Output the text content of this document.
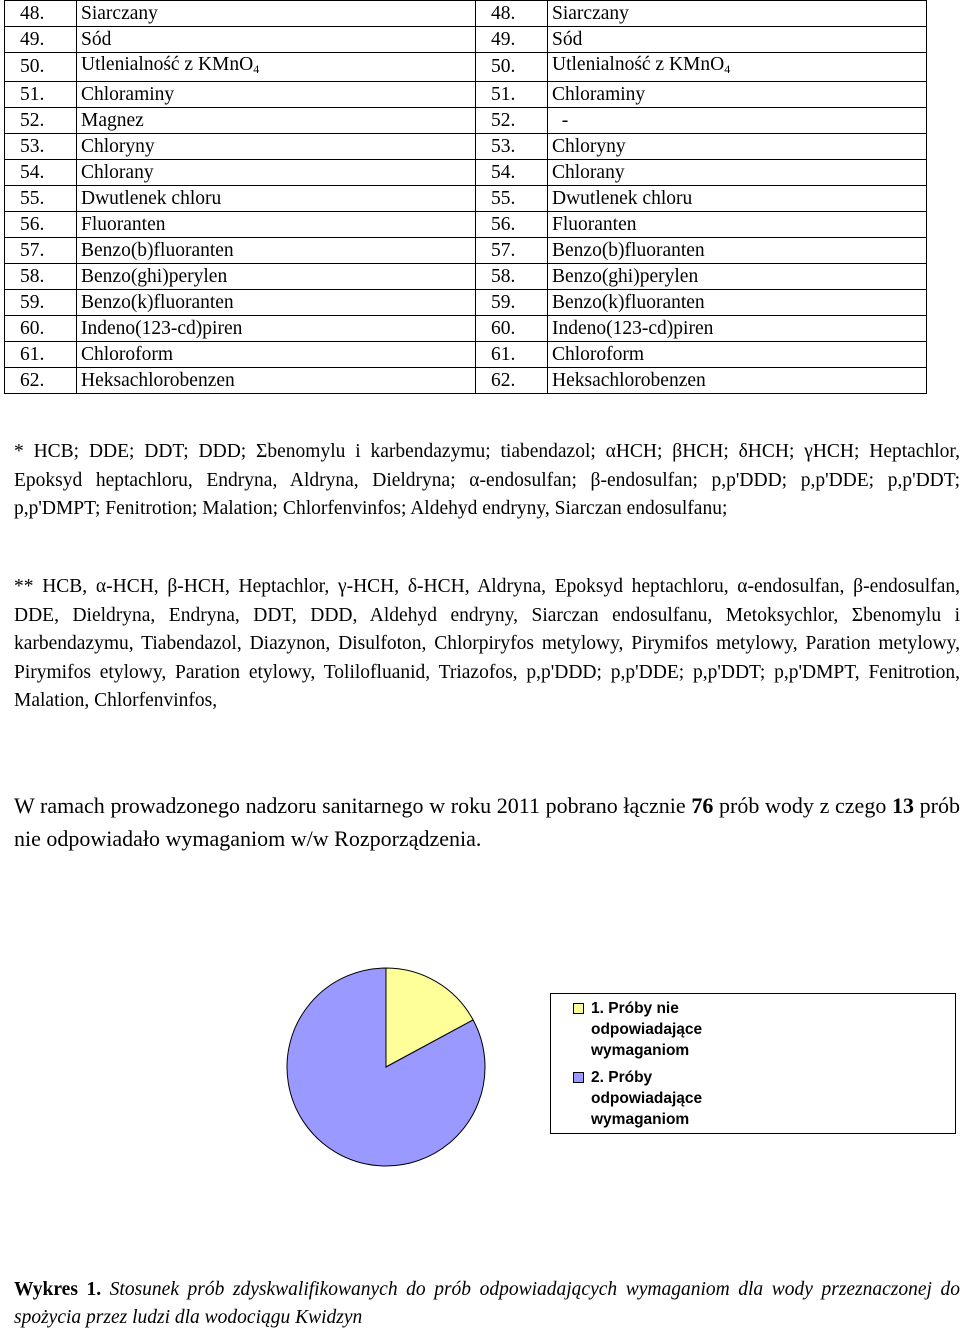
48.	Siarczany	48.	Siarczany
49.	Sód	49.	Sód
50.	Utlenialność z KMnO$_4$	50.	Utlenialność z KMnO$_4$
51.	Chloraminy	51.	Chloraminy
52.	Magnez	52.	-
53.	Chloryny	53.	Chloryny
54.	Chlorany	54.	Chlorany
55.	Dwutlenek chloru	55.	Dwutlenek chloru
56.	Fluoranten	56.	Fluoranten
57.	Benzo(b)fluoranten	57.	Benzo(b)fluoranten
58.	Benzo(ghi)perylen	58.	Benzo(ghi)perylen
59.	Benzo(k)fluoranten	59.	Benzo(k)fluoranten
60.	Indeno(123-cd)piren	60.	Indeno(123-cd)piren
61.	Chloroform	61.	Chloroform
62.	Heksachlorobenzen	62.	Heksachlorobenzen
* HCB; DDE; DDT; DDD; Σbenomylu i karbendazymu; tiabendazol; αHCH; βHCH; δHCH; γHCH; Heptachlor, Epoksyd heptachloru, Endryna, Aldryna, Dieldryna; α-endosulfan; β-endosulfan; p,p'DDD; p,p'DDE; p,p'DDT; p,p'DMPT; Fenitrotion; Malation; Chlorfenvinfos; Aldehyd endryny, Siarczan endosulfanu;
** HCB, α-HCH, β-HCH, Heptachlor, γ-HCH, δ-HCH, Aldryna, Epoksyd heptachloru, α-endosulfan, β-endosulfan, DDE, Dieldryna, Endryna, DDT, DDD, Aldehyd endryny, Siarczan endosulfanu, Metoksychlor, Σbenomylu i karbendazymu, Tiabendazol, Diazynon, Disulfoton, Chlorpiryfos metylowy, Pirymifos metylowy, Paration metylowy, Pirymifos etylowy, Paration etylowy, Tolilofluanid, Triazofos, p,p'DDD; p,p'DDE; p,p'DDT; p,p'DMPT, Fenitrotion, Malation, Chlorfenvinfos,
W ramach prowadzonego nadzoru sanitarnego w roku 2011 pobrano łącznie 76 prób wody z czego 13 prób nie odpowiadało wymaganiom w/w Rozporządzenia.
1. Próby nie odpowiadające wymaganiom
2. Próby odpowiadające wymaganiom
Wykres 1. Stosunek prób zdyskwalifikowanych do prób odpowiadających wymaganiom dla wody przeznaczonej do spożycia przez ludzi dla wodociągu Kwidzyn
